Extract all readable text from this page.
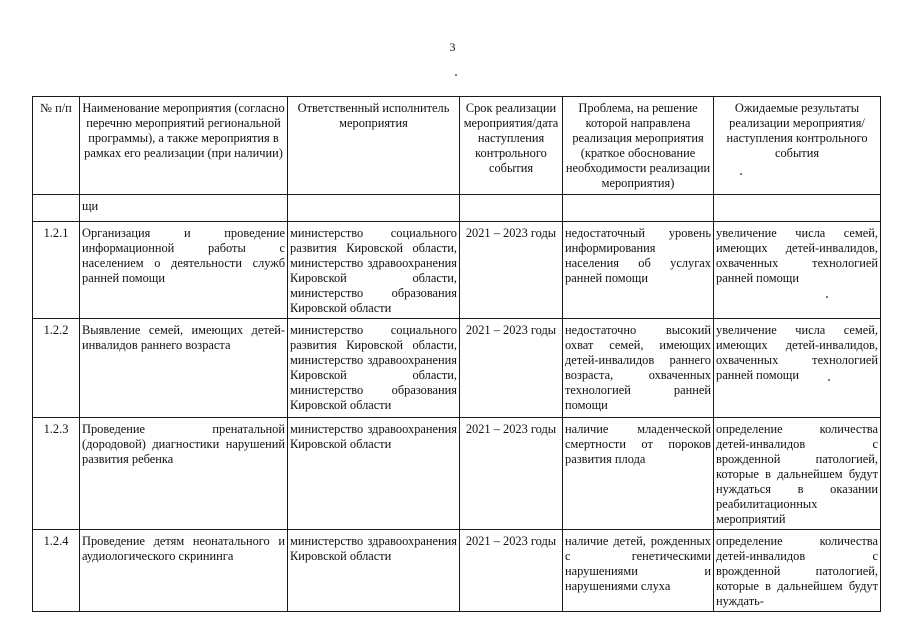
3
№ п/п	Наименование мероприятия (согласно перечню мероприятий региональной программы), а также мероприятия в рамках его реализации (при наличии)	Ответственный исполнитель мероприятия	Срок реализации мероприятия/дата наступления контрольного события	Проблема, на решение которой направлена реализация мероприятия (краткое обоснование необходимости реализации мероприятия)	Ожидаемые результаты реализации мероприятия/наступления контрольного события
	щи				
1.2.1	Организация и проведение информационной работы с населением о деятельности служб ранней помощи	министерство социального развития Кировской области, министерство здравоохранения Кировской области, министерство образования Кировской области	2021 – 2023 годы	недостаточный уровень информирования населения об услугах ранней помощи	увеличение числа семей, имеющих детей-инвалидов, охваченных технологией ранней помощи
1.2.2	Выявление семей, имеющих детей-инвалидов раннего возраста	министерство социального развития Кировской области, министерство здравоохранения Кировской области, министерство образования Кировской области	2021 – 2023 годы	недостаточно высокий охват семей, имеющих детей-инвалидов раннего возраста, охваченных технологией ранней помощи	увеличение числа семей, имеющих детей-инвалидов, охваченных технологией ранней помощи
1.2.3	Проведение пренатальной (дородовой) диагностики нарушений развития ребенка	министерство здравоохранения Кировской области	2021 – 2023 годы	наличие младенческой смертности от пороков развития плода	определение количества детей-инвалидов с врожденной патологией, которые в дальнейшем будут нуждаться в оказании реабилитационных мероприятий
1.2.4	Проведение детям неонатального и аудиологического скрининга	министерство здравоохранения Кировской области	2021 – 2023 годы	наличие детей, рожденных с генетическими нарушениями и нарушениями слуха	определение количества детей-инвалидов с врожденной патологией, которые в дальнейшем будут нуждать-
